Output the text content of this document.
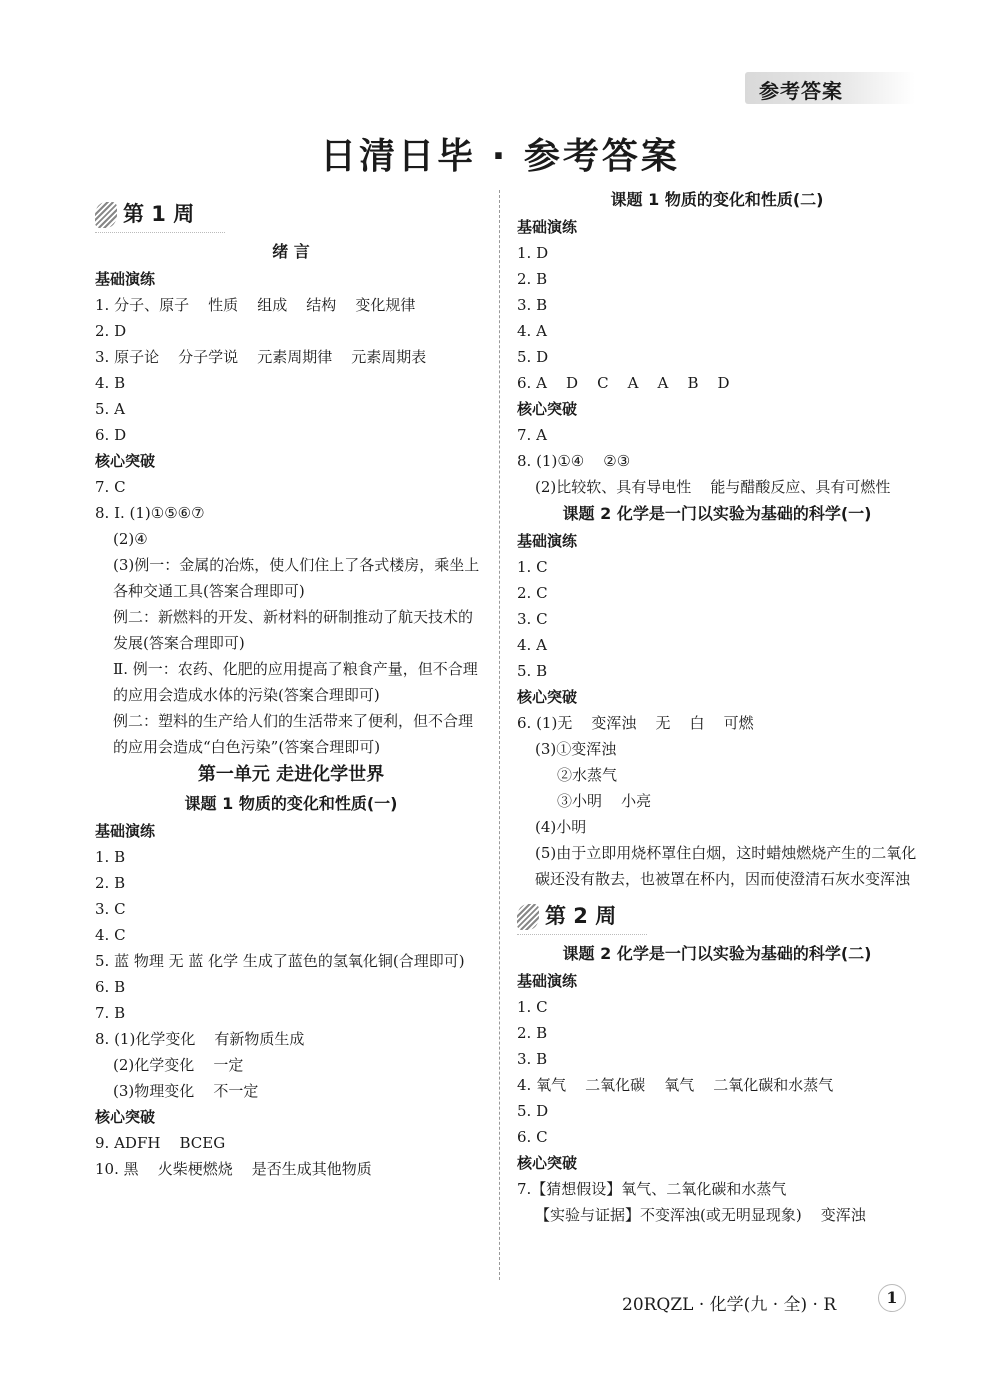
参考答案
日清日毕 · 参考答案
第 1 周
绪 言
基础演练
1. 分子、原子    性质    组成    结构    变化规律
2. D
3. 原子论    分子学说    元素周期律    元素周期表
4. B
5. A
6. D
核心突破
7. C
8. Ⅰ. (1)①⑤⑥⑦
(2)④
(3)例一：金属的冶炼，使人们住上了各式楼房，乘坐上各种交通工具(答案合理即可)
例二：新燃料的开发、新材料的研制推动了航天技术的发展(答案合理即可)
Ⅱ. 例一：农药、化肥的应用提高了粮食产量，但不合理的应用会造成水体的污染(答案合理即可)
例二：塑料的生产给人们的生活带来了便利，但不合理的应用会造成“白色污染”(答案合理即可)
第一单元 走进化学世界
课题 1 物质的变化和性质(一)
基础演练
1. B
2. B
3. C
4. C
5. 蓝 物理 无 蓝 化学 生成了蓝色的氢氧化铜(合理即可)
6. B
7. B
8. (1)化学变化    有新物质生成
(2)化学变化    一定
(3)物理变化    不一定
核心突破
9. ADFH    BCEG
10. 黑    火柴梗燃烧    是否生成其他物质
课题 1 物质的变化和性质(二)
基础演练
1. D
2. B
3. B
4. A
5. D
6. A    D    C    A    A    B    D
核心突破
7. A
8. (1)①④    ②③
(2)比较软、具有导电性    能与醋酸反应、具有可燃性
课题 2 化学是一门以实验为基础的科学(一)
基础演练
1. C
2. C
3. C
4. A
5. B
核心突破
6. (1)无    变浑浊    无    白    可燃
(3)①变浑浊
②水蒸气
③小明    小亮
(4)小明
(5)由于立即用烧杯罩住白烟，这时蜡烛燃烧产生的二氧化碳还没有散去，也被罩在杯内，因而使澄清石灰水变浑浊
第 2 周
课题 2 化学是一门以实验为基础的科学(二)
基础演练
1. C
2. B
3. B
4. 氧气    二氧化碳    氧气    二氧化碳和水蒸气
5. D
6. C
核心突破
7.【猜想假设】氧气、二氧化碳和水蒸气
【实验与证据】不变浑浊(或无明显现象)    变浑浊
20RQZL · 化学(九 · 全) · R	1
